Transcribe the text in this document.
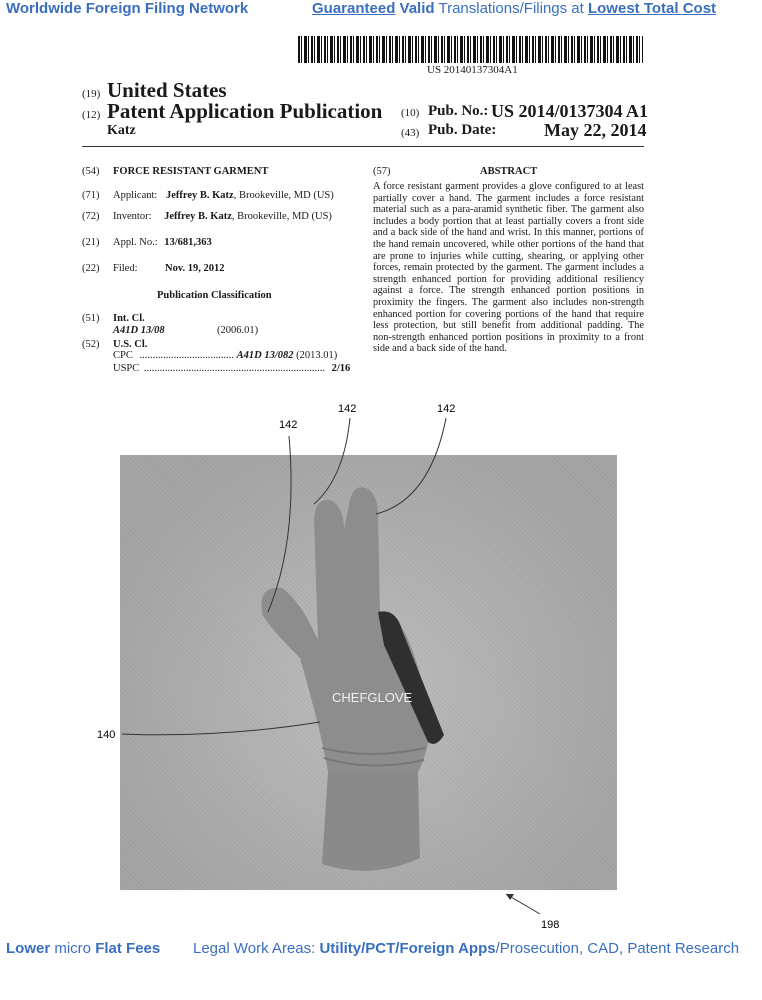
Worldwide Foreign Filing Network	Guaranteed Valid Translations/Filings at Lowest Total Cost
US 20140137304A1
(19) United States
(12) Patent Application Publication
Katz
(10) Pub. No.: US 2014/0137304 A1
(43) Pub. Date:	May 22, 2014
(54) FORCE RESISTANT GARMENT
(71) Applicant: Jeffrey B. Katz, Brookeville, MD (US)
(72) Inventor: Jeffrey B. Katz, Brookeville, MD (US)
(21) Appl. No.: 13/681,363
(22) Filed:	Nov. 19, 2012
Publication Classification
(51) Int. Cl.
A41D 13/08	(2006.01)
(52) U.S. Cl.
CPC .................................... A41D 13/082 (2013.01)
USPC ..................................................................... 2/16
(57)	ABSTRACT
A force resistant garment provides a glove configured to at least partially cover a hand. The garment includes a force resistant material such as a para-aramid synthetic fiber. The garment also includes a body portion that at least partially covers a front side and a back side of the hand and wrist. In this manner, portions of the hand remain uncovered, while other portions of the hand that are prone to injuries while cutting, shearing, or applying other forces, remain protected by the garment. The garment includes a strength enhanced portion for providing additional resiliency against a force. The strength enhanced portion positions in proximity the fingers. The garment also includes non-strength enhanced portion for covering portions of the hand that require less protection, but still benefit from additional padding. The non-strength enhanced portion positions in proximity to a front side and a back side of the hand.
CHEFGLOVE
142
142	142
140
198
Lower micro Flat Fees Legal Work Areas: Utility/PCT/Foreign Apps/Prosecution, CAD, Patent Research
